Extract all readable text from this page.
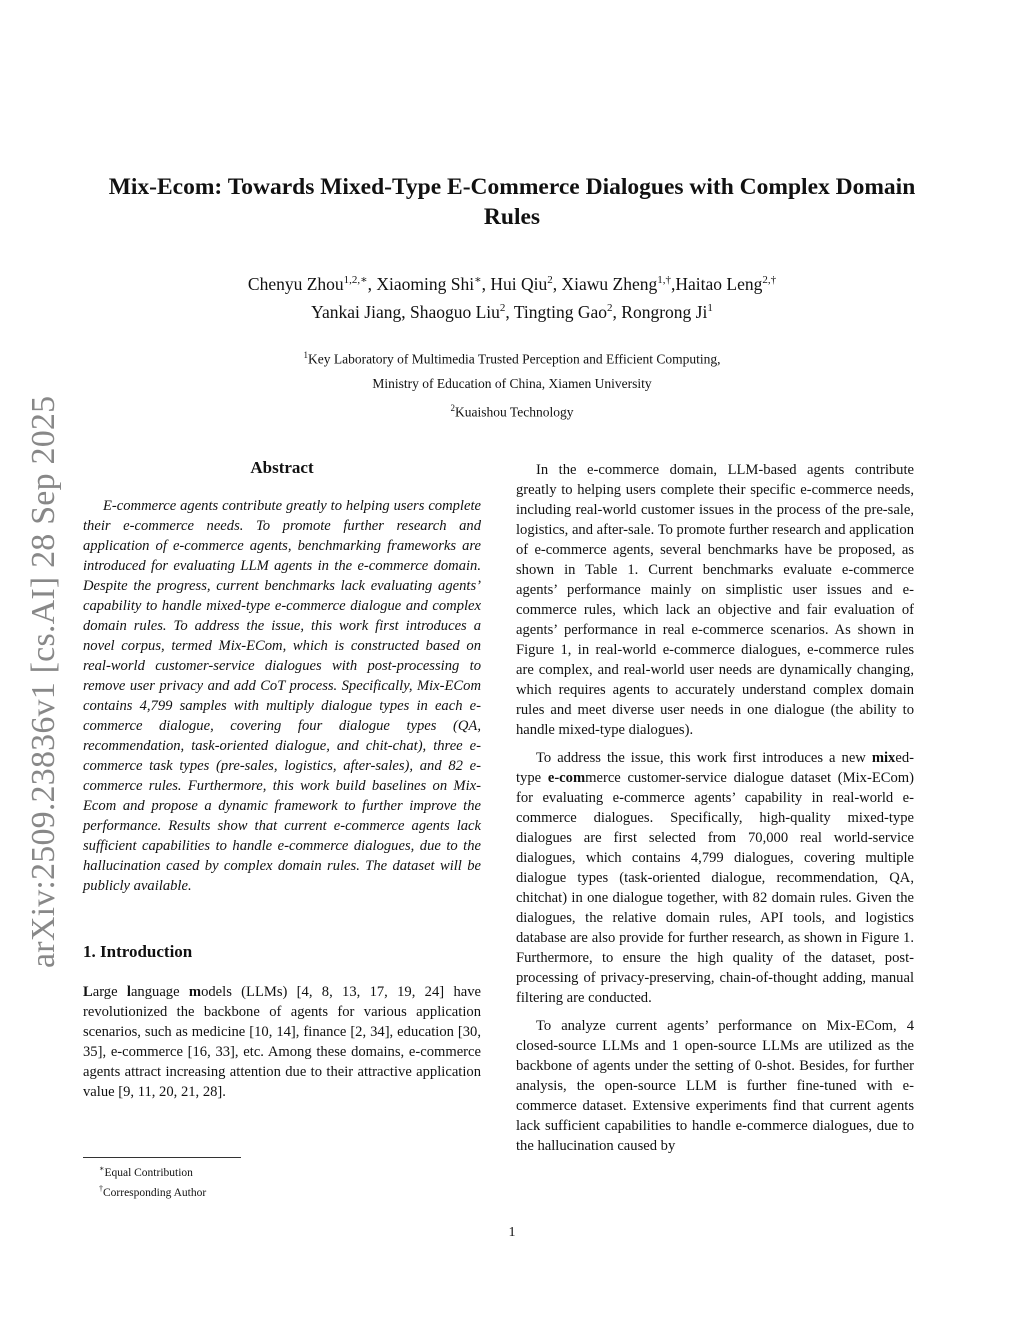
arXiv:2509.23836v1 [cs.AI] 28 Sep 2025
Mix-Ecom: Towards Mixed-Type E-Commerce Dialogues with Complex Domain
Rules
Chenyu Zhou$^{1,2,∗}$, Xiaoming Shi∗, Hui Qiu$^2$, Xiawu Zheng$^{1,\dagger}$,Haitao Leng$^{2,\dagger}$
Yankai Jiang, Shaoguo Liu$^2$, Tingting Gao$^2$, Rongrong Ji$^1$
$^1$Key Laboratory of Multimedia Trusted Perception and Efficient Computing,
Ministry of Education of China, Xiamen University
$^2$Kuaishou Technology
Abstract

E-commerce agents contribute greatly to helping users complete their e-commerce needs. To promote further research and application of e-commerce agents, benchmarking frameworks are introduced for evaluating LLM agents in the e-commerce domain. Despite the progress, current benchmarks lack evaluating agents’ capability to handle mixed-type e-commerce dialogue and complex domain rules. To address the issue, this work first introduces a novel corpus, termed Mix-ECom, which is constructed based on real-world customer-service dialogues with post-processing to remove user privacy and add CoT process. Specifically, Mix-ECom contains 4,799 samples with multiply dialogue types in each e-commerce dialogue, covering four dialogue types (QA, recommendation, task-oriented dialogue, and chit-chat), three e-commerce task types (pre-sales, logistics, after-sales), and 82 e-commerce rules. Furthermore, this work build baselines on Mix-Ecom and propose a dynamic framework to further improve the performance. Results show that current e-commerce agents lack sufficient capabilities to handle e-commerce dialogues, due to the hallucination cased by complex domain rules. The dataset will be publicly available.

1. Introduction

Large language models (LLMs) [4, 8, 13, 17, 19, 24] have revolutionized the backbone of agents for various application scenarios, such as medicine [10, 14], finance [2, 34], education [30, 35], e-commerce [16, 33], etc. Among these domains, e-commerce agents attract increasing attention due to their attractive application value [9, 11, 20, 21, 28].

In the e-commerce domain, LLM-based agents contribute greatly to helping users complete their specific e-commerce needs, including real-world customer issues in the process of the pre-sale, logistics, and after-sale. To promote further research and application of e-commerce agents, several benchmarks have be proposed, as shown in Table 1. Current benchmarks evaluate e-commerce agents’ performance mainly on simplistic user issues and e-commerce rules, which lack an objective and fair evaluation of agents’ performance in real e-commerce scenarios. As shown in Figure 1, in real-world e-commerce dialogues, e-commerce rules are complex, and real-world user needs are dynamically changing, which requires agents to accurately understand complex domain rules and meet diverse user needs in one dialogue (the ability to handle mixed-type dialogues).

To address the issue, this work first introduces a new mixed-type e-commerce customer-service dialogue dataset (Mix-ECom) for evaluating e-commerce agents’ capability in real-world e-commerce dialogues. Specifically, high-quality mixed-type dialogues are first selected from 70,000 real world-service dialogues, which contains 4,799 dialogues, covering multiple dialogue types (task-oriented dialogue, recommendation, QA, chitchat) in one dialogue together, with 82 domain rules. Given the dialogues, the relative domain rules, API tools, and logistics database are also provide for further research, as shown in Figure 1. Furthermore, to ensure the high quality of the dataset, post-processing of privacy-preserving, chain-of-thought adding, manual filtering are conducted.

To analyze current agents’ performance on Mix-ECom, 4 closed-source LLMs and 1 open-source LLMs are utilized as the backbone of agents under the setting of 0-shot. Besides, for further analysis, the open-source LLM is further fine-tuned with e-commerce dataset. Extensive experiments find that current agents lack sufficient capabilities to handle e-commerce dialogues, due to the hallucination caused by

∗Equal Contribution
†Corresponding Author
1
